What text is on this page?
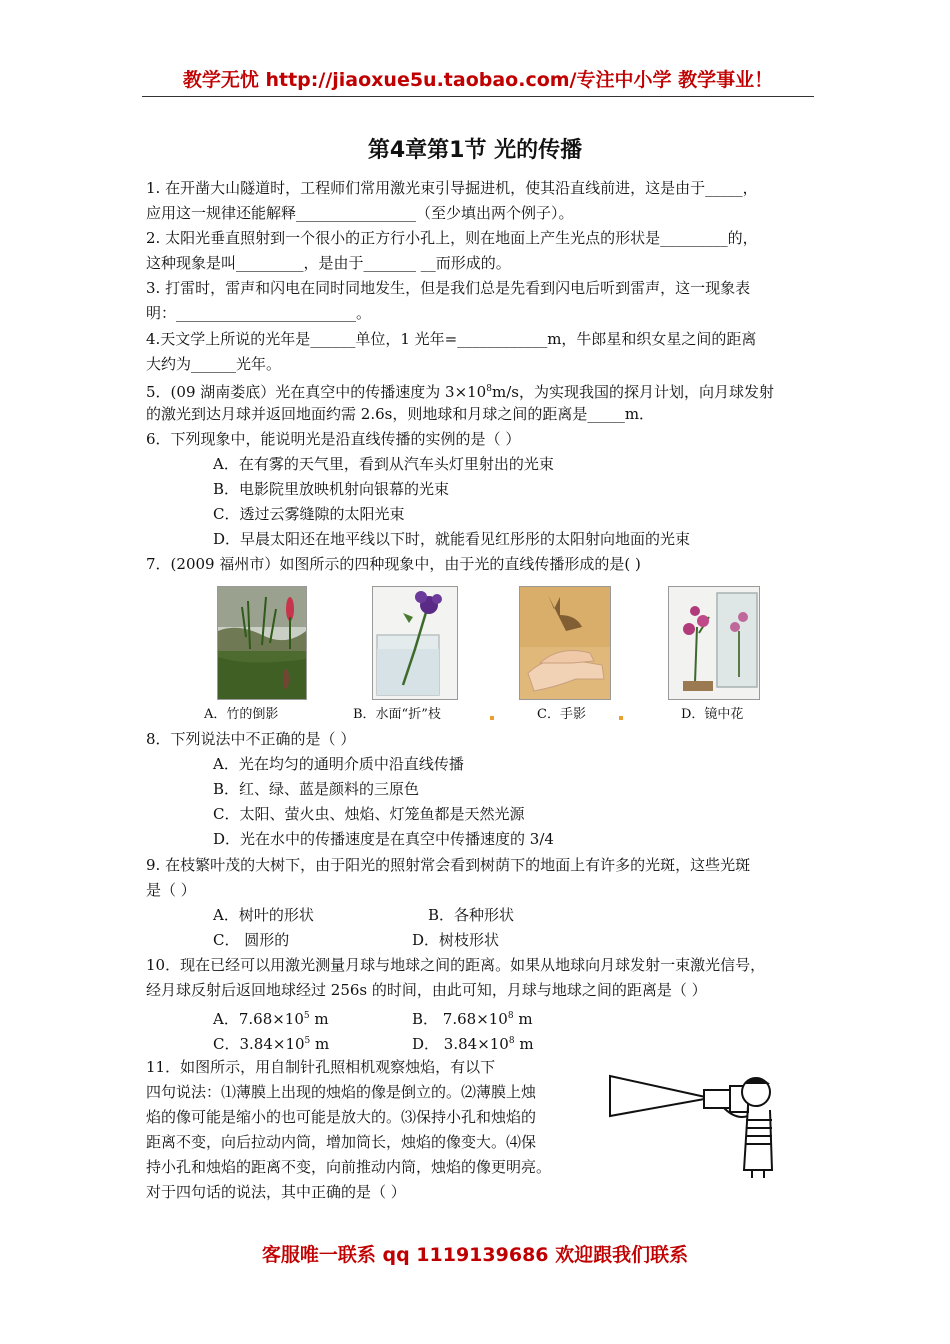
教学无忧 http://jiaoxue5u.taobao.com/专注中小学 教学事业！
第4章第1节 光的传播
1. 在开凿大山隧道时，工程师们常用激光束引导掘进机，使其沿直线前进，这是由于_____，
应用这一规律还能解释________________（至少填出两个例子）。
2. 太阳光垂直照射到一个很小的正方行小孔上，则在地面上产生光点的形状是_________的，
这种现象是叫_________，是由于_______ __而形成的。
3. 打雷时，雷声和闪电在同时同地发生，但是我们总是先看到闪电后听到雷声，这一现象表
明：________________________。
4.天文学上所说的光年是______单位，1 光年=____________m，牛郎星和织女星之间的距离
大约为______光年。
5．(09 湖南娄底）光在真空中的传播速度为 $3\times 10^8m/s$，为实现我国的探月计划，向月球发射
的激光到达月球并返回地面约需 2.6s，则地球和月球之间的距离是_____m．
6．下列现象中，能说明光是沿直线传播的实例的是（ ）
A．在有雾的天气里，看到从汽车头灯里射出的光束
B．电影院里放映机射向银幕的光束
C．透过云雾缝隙的太阳光束
D．早晨太阳还在地平线以下时，就能看见红彤彤的太阳射向地面的光束
7．(2009 福州市）如图所示的四种现象中，由于光的直线传播形成的是( )
A．竹的倒影	B．水面“折”枝	C．手影	D．镜中花
8．下列说法中不正确的是（ ）
A．光在均匀的通明介质中沿直线传播
B．红、绿、蓝是颜料的三原色
C．太阳、萤火虫、烛焰、灯笼鱼都是天然光源
D．光在水中的传播速度是在真空中传播速度的 3/4
9. 在枝繁叶茂的大树下，由于阳光的照射常会看到树荫下的地面上有许多的光斑，这些光斑
是（ ）
A．树叶的形状	B．各种形状
C． 圆形的	D．树枝形状
10．现在已经可以用激光测量月球与地球之间的距离。如果从地球向月球发射一束激光信号，
经月球反射后返回地球经过 256s 的时间，由此可知，月球与地球之间的距离是（ ）
A．$7.68\times 10^5$ m	B． $7.68\times 10^8$ m
C．$3.84\times 10^5$ m	D． $3.84\times 10^8$ m
11．如图所示，用自制针孔照相机观察烛焰，有以下
四句说法：⑴薄膜上出现的烛焰的像是倒立的。⑵薄膜上烛
焰的像可能是缩小的也可能是放大的。⑶保持小孔和烛焰的
距离不变，向后拉动内筒，增加筒长，烛焰的像变大。⑷保
持小孔和烛焰的距离不变，向前推动内筒，烛焰的像更明亮。
对于四句话的说法，其中正确的是（ ）
客服唯一联系 qq 1119139686 欢迎跟我们联系
